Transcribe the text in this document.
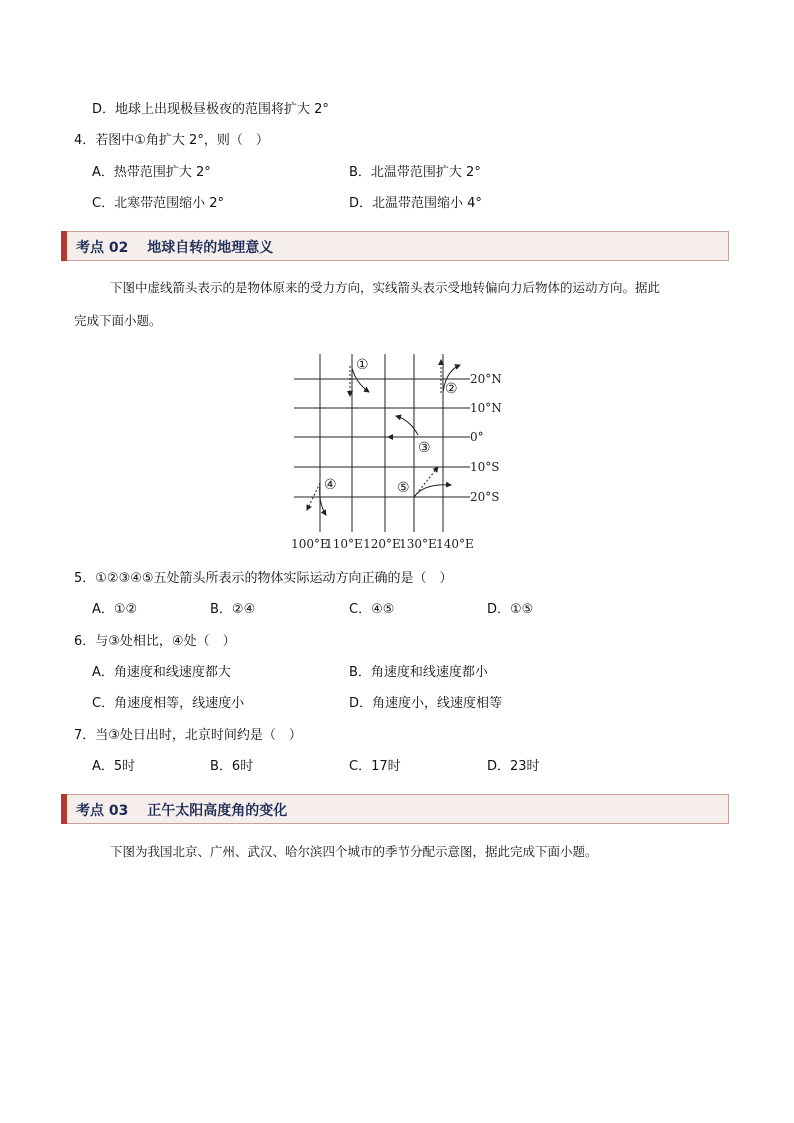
D．地球上出现极昼极夜的范围将扩大 2°
4．若图中①角扩大 2°，则（　）
A．热带范围扩大 2°	B．北温带范围扩大 2°
C．北寒带范围缩小 2°	D．北温带范围缩小 4°
考点 02　 地球自转的地理意义
下图中虚线箭头表示的是物体原来的受力方向，实线箭头表示受地转偏向力后物体的运动方向。据此
完成下面小题。
①
②
③
④	⑤
20°N
10°N
0°
10°S
20°S
100°E
110°E 120°E
130°E 140°E
5．①②③④⑤五处箭头所表示的物体实际运动方向正确的是（　）
A．①②	B．②④	C．④⑤	D．①⑤
6．与③处相比，④处（　）
A．角速度和线速度都大	B．角速度和线速度都小
C．角速度相等，线速度小	D．角速度小，线速度相等
7．当③处日出时，北京时间约是（　）
A．5时	B．6时	C．17时	D．23时
考点 03　 正午太阳高度角的变化
下图为我国北京、广州、武汉、哈尔滨四个城市的季节分配示意图，据此完成下面小题。
